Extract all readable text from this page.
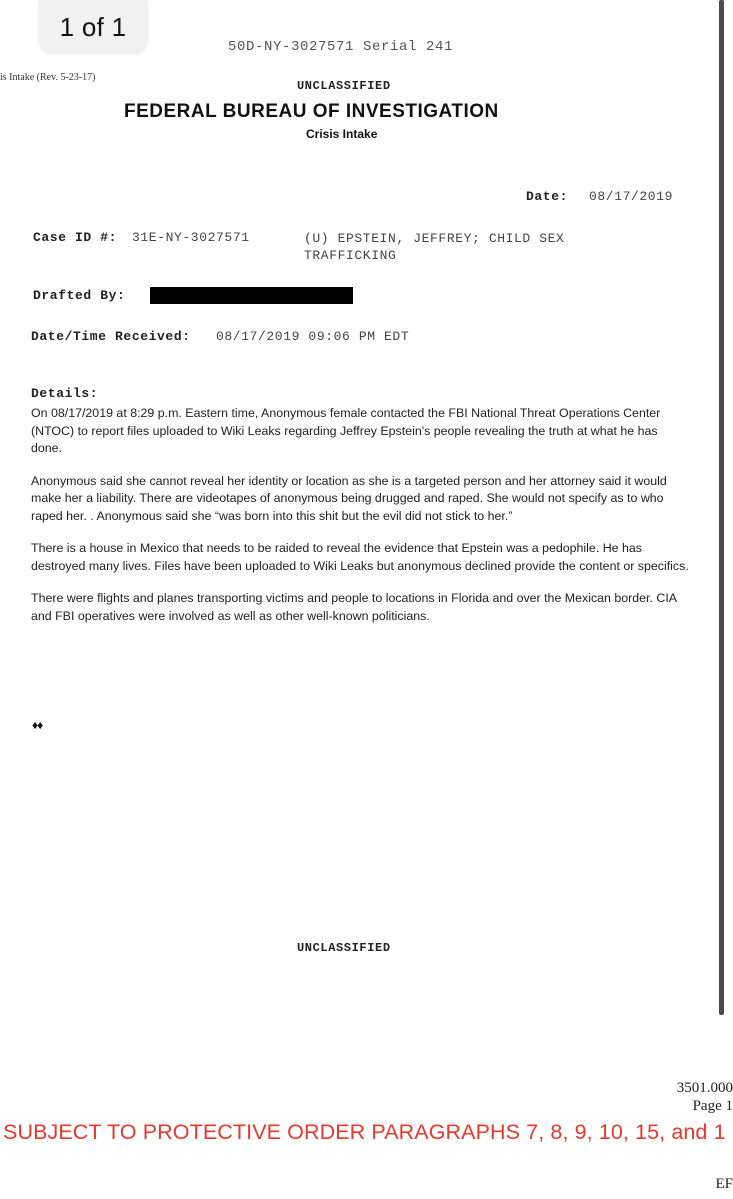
1 of 1
50D-NY-3027571 Serial 241
is Intake (Rev. 5-23-17)
UNCLASSIFIED
FEDERAL BUREAU OF INVESTIGATION
Crisis Intake
Date: 08/17/2019
Case ID #: 31E-NY-3027571	(U) EPSTEIN, JEFFREY; CHILD SEX
TRAFFICKING
Drafted By:
Date/Time Received: 08/17/2019 09:06 PM EDT
Details:

On 08/17/2019 at 8:29 p.m. Eastern time, Anonymous female contacted the FBI National Threat Operations Center (NTOC) to report files uploaded to Wiki Leaks regarding Jeffrey Epstein's people revealing the truth at what he has done.

Anonymous said she cannot reveal her identity or location as she is a targeted person and her attorney said it would make her a liability. There are videotapes of anonymous being drugged and raped. She would not specify as to who raped her. . Anonymous said she “was born into this shit but the evil did not stick to her.”

There is a house in Mexico that needs to be raided to reveal the evidence that Epstein was a pedophile. He has destroyed many lives. Files have been uploaded to Wiki Leaks but anonymous declined provide the content or specifics.

There were flights and planes transporting victims and people to locations in Florida and over the Mexican border. CIA and FBI operatives were involved as well as other well-known politicians.

♦♦
UNCLASSIFIED
3501.000
Page 1
SUBJECT TO PROTECTIVE ORDER PARAGRAPHS 7, 8, 9, 10, 15, and 1
EF
